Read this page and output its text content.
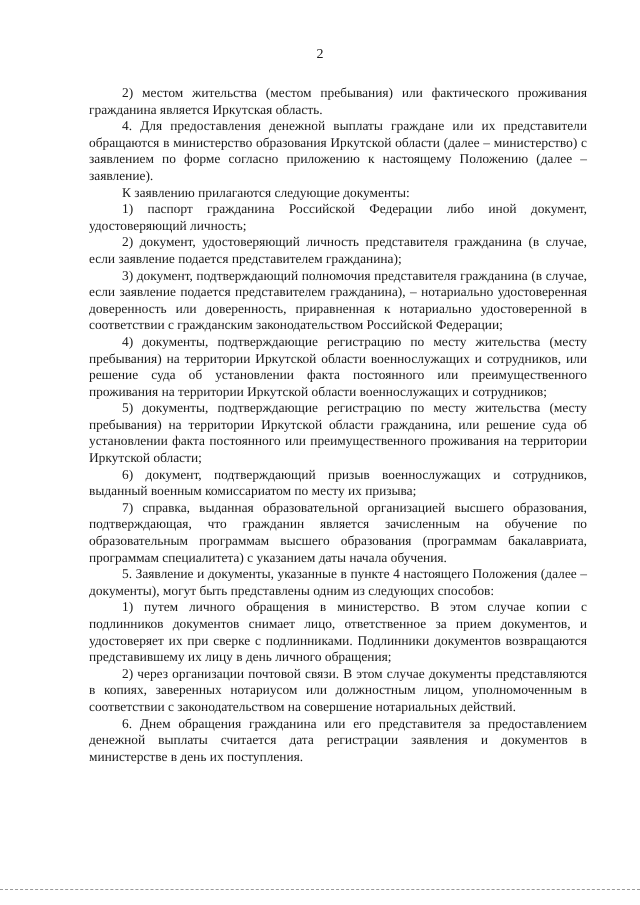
2

2) местом жительства (местом пребывания) или фактического проживания гражданина является Иркутская область.

4. Для предоставления денежной выплаты граждане или их представители обращаются в министерство образования Иркутской области (далее – министерство) с заявлением по форме согласно приложению к настоящему Положению (далее – заявление).

К заявлению прилагаются следующие документы:

1) паспорт гражданина Российской Федерации либо иной документ, удостоверяющий личность;

2) документ, удостоверяющий личность представителя гражданина (в случае, если заявление подается представителем гражданина);

3) документ, подтверждающий полномочия представителя гражданина (в случае, если заявление подается представителем гражданина), – нотариально удостоверенная доверенность или доверенность, приравненная к нотариально удостоверенной в соответствии с гражданским законодательством Российской Федерации;

4) документы, подтверждающие регистрацию по месту жительства (месту пребывания) на территории Иркутской области военнослужащих и сотрудников, или решение суда об установлении факта постоянного или преимущественного проживания на территории Иркутской области военнослужащих и сотрудников;

5) документы, подтверждающие регистрацию по месту жительства (месту пребывания) на территории Иркутской области гражданина, или решение суда об установлении факта постоянного или преимущественного проживания на территории Иркутской области;

6) документ, подтверждающий призыв военнослужащих и сотрудников, выданный военным комиссариатом по месту их призыва;

7) справка, выданная образовательной организацией высшего образования, подтверждающая, что гражданин является зачисленным на обучение по образовательным программам высшего образования (программам бакалавриата, программам специалитета) с указанием даты начала обучения.

5. Заявление и документы, указанные в пункте 4 настоящего Положения (далее – документы), могут быть представлены одним из следующих способов:

1) путем личного обращения в министерство. В этом случае копии с подлинников документов снимает лицо, ответственное за прием документов, и удостоверяет их при сверке с подлинниками. Подлинники документов возвращаются представившему их лицу в день личного обращения;

2) через организации почтовой связи. В этом случае документы представляются в копиях, заверенных нотариусом или должностным лицом, уполномоченным в соответствии с законодательством на совершение нотариальных действий.

6. Днем обращения гражданина или его представителя за предоставлением денежной выплаты считается дата регистрации заявления и документов в министерстве в день их поступления.
